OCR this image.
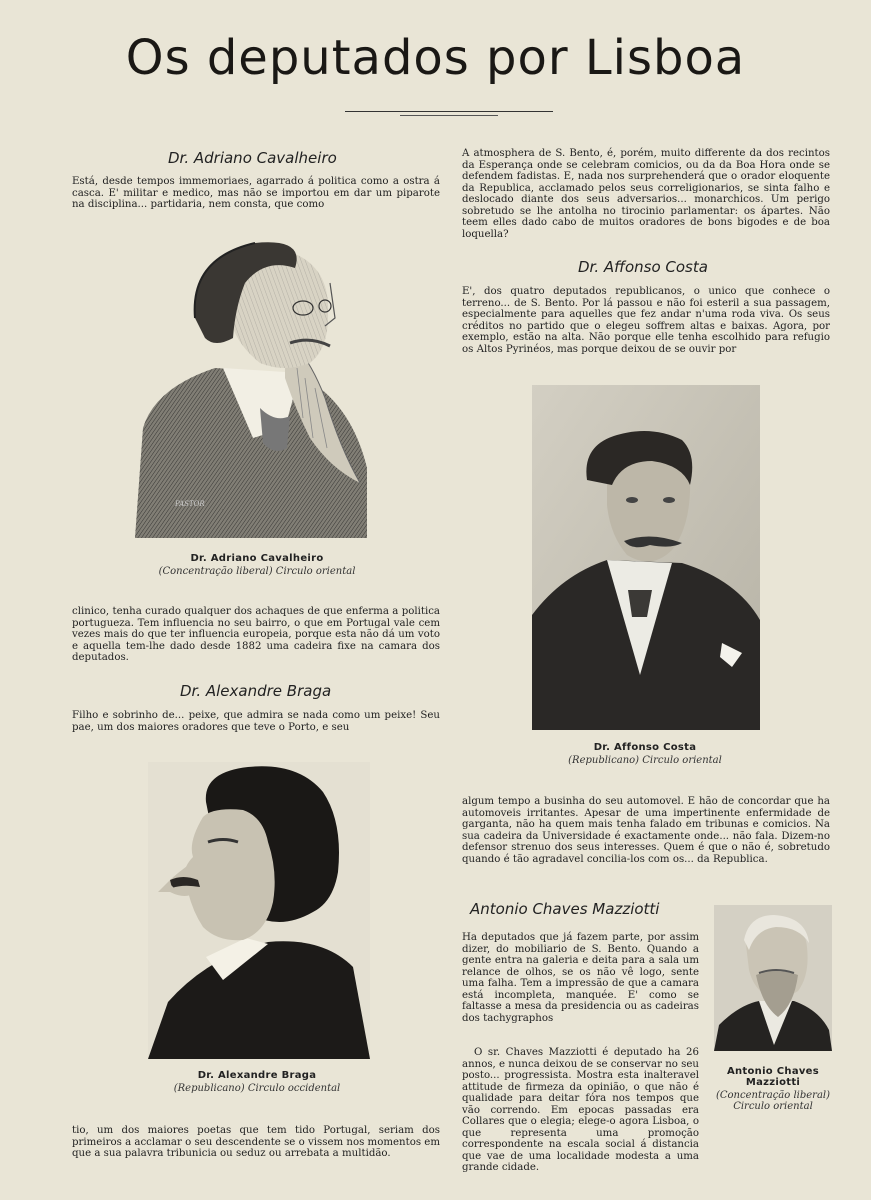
Os deputados por Lisboa
Dr. Adriano Cavalheiro

Está, desde tempos immemoriaes, agarrado á politica como a ostra á casca. E' militar e medico, mas não se importou em dar um piparote na disciplina... partidaria, nem consta, que como

PASTOR
Dr. Adriano Cavalheiro
(Concentração liberal) Circulo oriental

clinico, tenha curado qualquer dos achaques de que enferma a politica portugueza. Tem influencia no seu bairro, o que em Portugal vale cem vezes mais do que ter influencia europeia, porque esta não dá um voto e aquella tem-lhe dado desde 1882 uma cadeira fixe na camara dos deputados.

Dr. Alexandre Braga

Filho e sobrinho de... peixe, que admira se nada como um peixe! Seu pae, um dos maiores oradores que teve o Porto, e seu

Dr. Alexandre Braga
(Republicano) Circulo occidental

tio, um dos maiores poetas que tem tido Portugal, seriam dos primeiros a acclamar o seu descendente se o vissem nos momentos em que a sua palavra tribunicia ou seduz ou arrebata a multidão.

A atmosphera de S. Bento, é, porém, muito differente da dos recintos da Esperança onde se celebram comicios, ou da da Boa Hora onde se defendem fadistas. E, nada nos surprehenderá que o orador eloquente da Republica, acclamado pelos seus correligionarios, se sinta falho e deslocado diante dos seus adversarios... monarchicos. Um perigo sobretudo se lhe antolha no tirocinio parlamentar: os ápartes. Não teem elles dado cabo de muitos oradores de bons bigodes e de boa loquella?

Dr. Affonso Costa

E', dos quatro deputados republicanos, o unico que conhece o terreno... de S. Bento. Por lá passou e não foi esteril a sua passagem, especialmente para aquelles que fez andar n'uma roda viva. Os seus créditos no partido que o elegeu soffrem altas e baixas. Agora, por exemplo, estão na alta. Não porque elle tenha escolhido para refugio os Altos Pyrinéos, mas porque deixou de se ouvir por

Dr. Affonso Costa
(Republicano) Circulo oriental

algum tempo a businha do seu automovel. E hão de concordar que ha automoveis irritantes. Apesar de uma impertinente enfermidade de garganta, não ha quem mais tenha falado em tribunas e comicios. Na sua cadeira da Universidade é exactamente onde... não fala. Dizem-no defensor strenuo dos seus interesses. Quem é que o não é, sobretudo quando é tão agradavel concilia-los com os... da Republica.

Antonio Chaves Mazziotti

Ha deputados que já fazem parte, por assim dizer, do mobiliario de S. Bento. Quando a gente entra na galeria e deita para a sala um relance de olhos, se os não vê logo, sente uma falha. Tem a impressão de que a camara está incompleta, manquée. E' como se faltasse a mesa da presidencia ou as cadeiras dos tachygraphos

O sr. Chaves Mazziotti é deputado ha 26 annos, e nunca deixou de se conservar no seu posto... progressista. Mostra esta inalteravel attitude de firmeza da opinião, o que não é qualidade para deitar fóra nos tempos que vão correndo. Em epocas passadas era Collares que o elegia; elege-o agora Lisboa, o que representa uma promoção correspondente na escala social á distancia que vae de uma localidade modesta a uma grande cidade.

Antonio Chaves Mazziotti
(Concentração liberal)
Circulo oriental
